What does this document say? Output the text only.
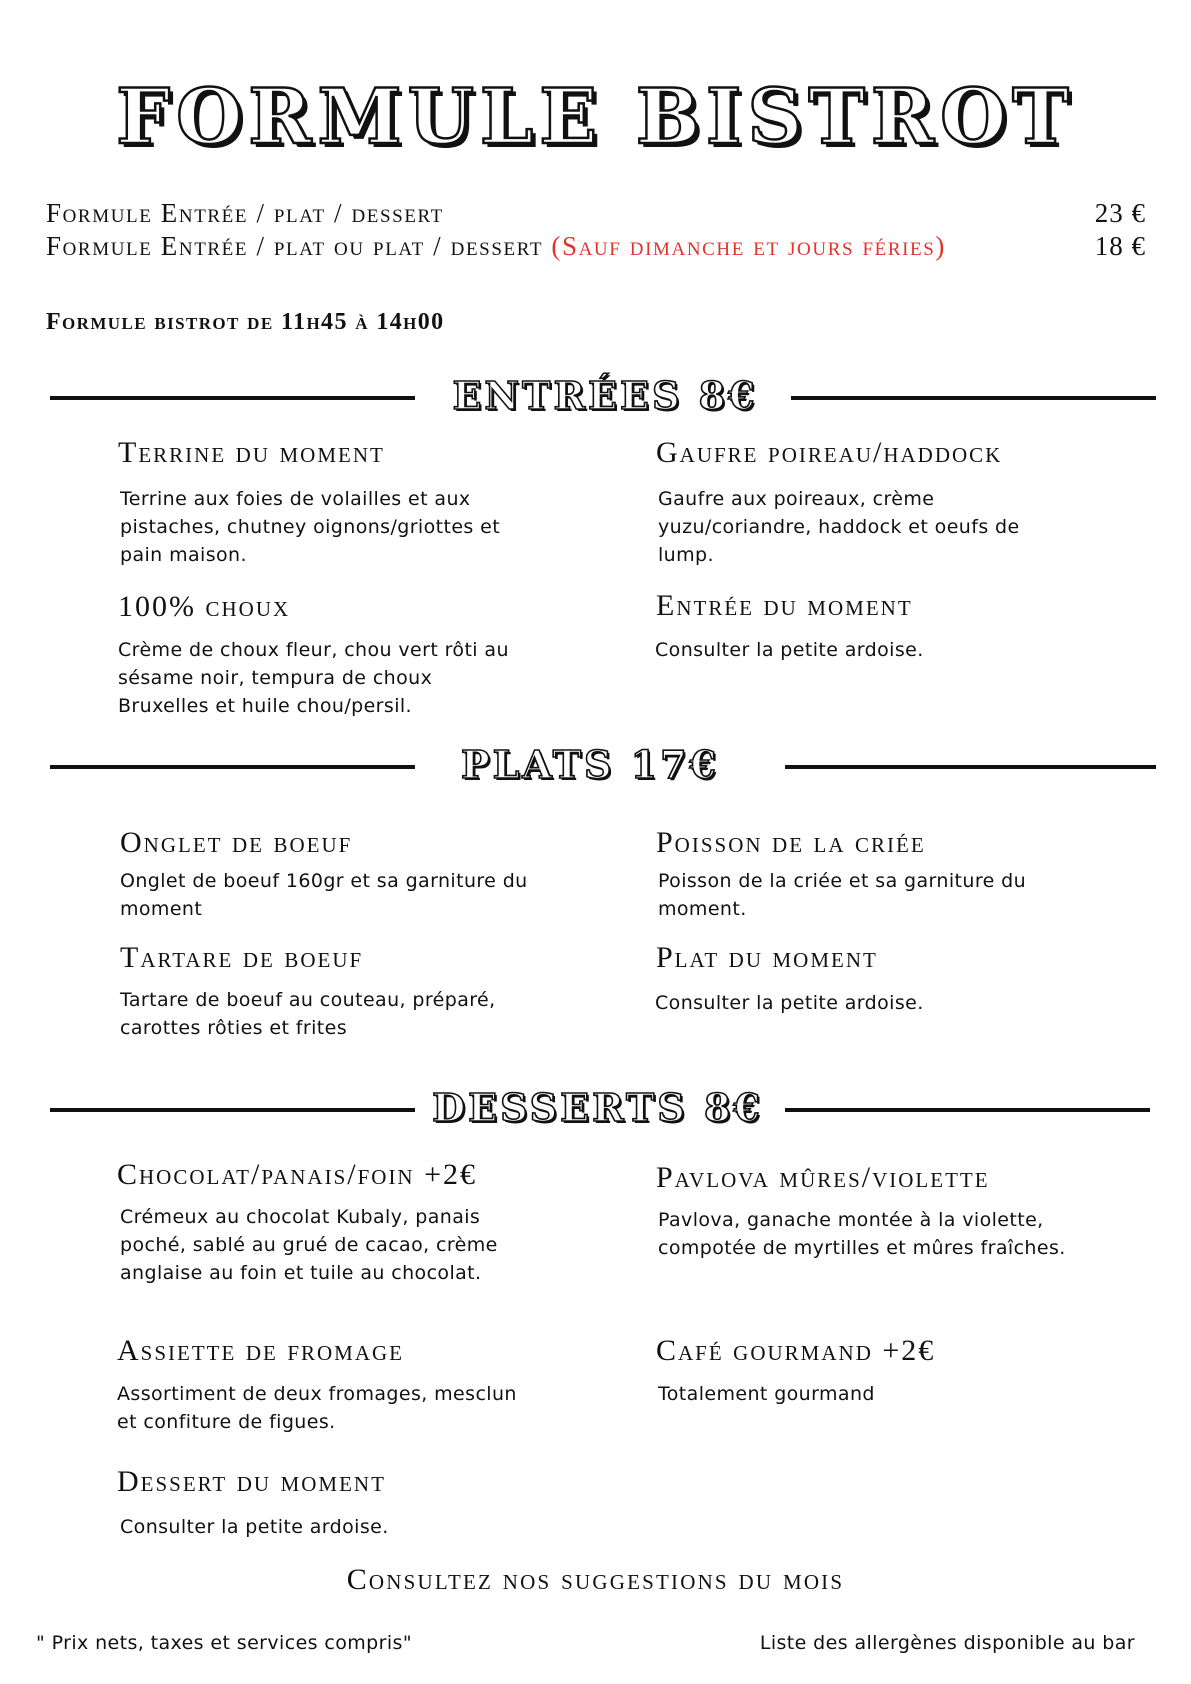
FORMULE BISTROT
Formule Entrée / plat / dessert	23 €
Formule Entrée / plat ou plat / dessert (Sauf dimanche et jours féries)	18 €
Formule bistrot de 11h45 à 14h00
ENTRÉES 8€
Terrine du moment
Terrine aux foies de volailles et aux pistaches, chutney oignons/griottes et pain maison.
Gaufre poireau/haddock
Gaufre aux poireaux, crème yuzu/coriandre, haddock et oeufs de lump.
100% choux
Crème de choux fleur, chou vert rôti au sésame noir, tempura de choux Bruxelles et huile chou/persil.
Entrée du moment
Consulter la petite ardoise.
PLATS 17€
Onglet de boeuf
Onglet de boeuf 160gr et sa garniture du moment
Poisson de la criée
Poisson de la criée et sa garniture du moment.
Tartare de boeuf
Tartare de boeuf au couteau, préparé, carottes rôties et frites
Plat du moment
Consulter la petite ardoise.
DESSERTS 8€
Chocolat/panais/foin +2€
Crémeux au chocolat Kubaly, panais poché, sablé au grué de cacao, crème anglaise au foin et tuile au chocolat.
Pavlova mûres/violette
Pavlova, ganache montée à la violette, compotée de myrtilles et mûres fraîches.
Assiette de fromage
Assortiment de deux fromages, mesclun et confiture de figues.
Café gourmand +2€
Totalement gourmand
Dessert du moment
Consulter la petite ardoise.
Consultez nos suggestions du mois
" Prix nets, taxes et services compris"	Liste des allergènes disponible au bar
